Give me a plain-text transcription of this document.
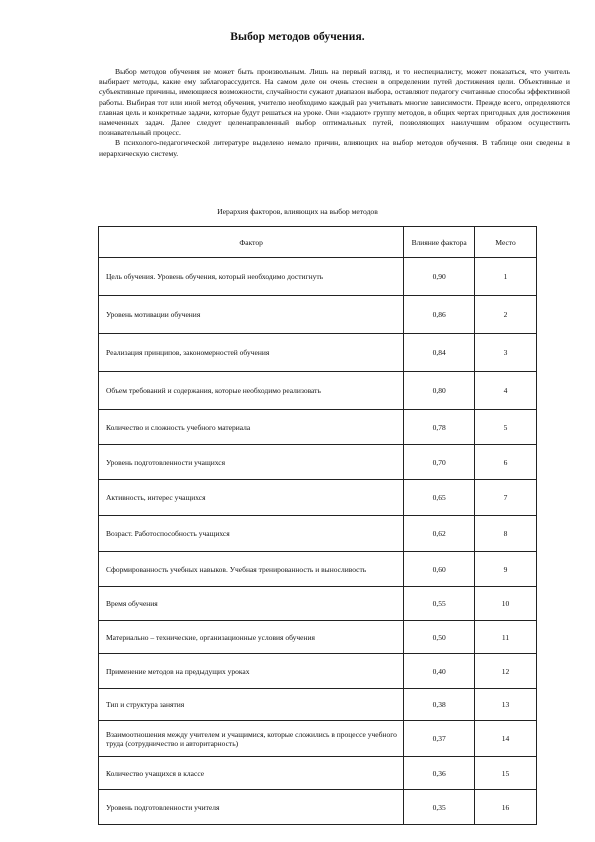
Выбор методов обучения.

Выбор методов обучения не может быть произвольным. Лишь на первый взгляд, и то неспециалисту, может показаться, что учитель выбирает методы, какие ему заблагорассудится. На самом деле он очень стеснен в определении путей достижения цели. Объективные и субъективные причины, имеющиеся возможности, случайности сужают диапазон выбора, оставляют педагогу считанные способы эффективной работы. Выбирая тот или иной метод обучения, учителю необходимо каждый раз учитывать многие зависимости. Прежде всего, определяются главная цель и конкретные задачи, которые будут решаться на уроке. Они «задают» группу методов, в общих чертах пригодных для достижения намеченных задач. Далее следует целенаправленный выбор оптимальных путей, позволяющих наилучшим образом осуществить познавательный процесс.

В психолого-педагогической литературе выделено немало причин, влияющих на выбор методов обучения. В таблице они сведены в иерархическую систему.

Иерархия факторов, влияющих на выбор методов
Фактор	Влияние фактора	Место
Цель обучения. Уровень обучения, который необходимо достигнуть	0,90	1
Уровень мотивации обучения	0,86	2
Реализация принципов, закономерностей обучения	0,84	3
Объем требований и содержания, которые необходимо реализовать	0,80	4
Количество и сложность учебного материала	0,78	5
Уровень подготовленности учащихся	0,70	6
Активность, интерес учащихся	0,65	7
Возраст. Работоспособность учащихся	0,62	8
Сформированность учебных навыков. Учебная тренированность и выносливость	0,60	9
Время обучения	0,55	10
Материально – технические, организационные условия обучения	0,50	11
Применение методов на предыдущих уроках	0,40	12
Тип и структура занятия	0,38	13
Взаимоотношения между учителем и учащимися, которые сложились в процессе учебного труда (сотрудничество и авторитарность)	0,37	14
Количество учащихся в классе	0,36	15
Уровень подготовленности учителя	0,35	16
